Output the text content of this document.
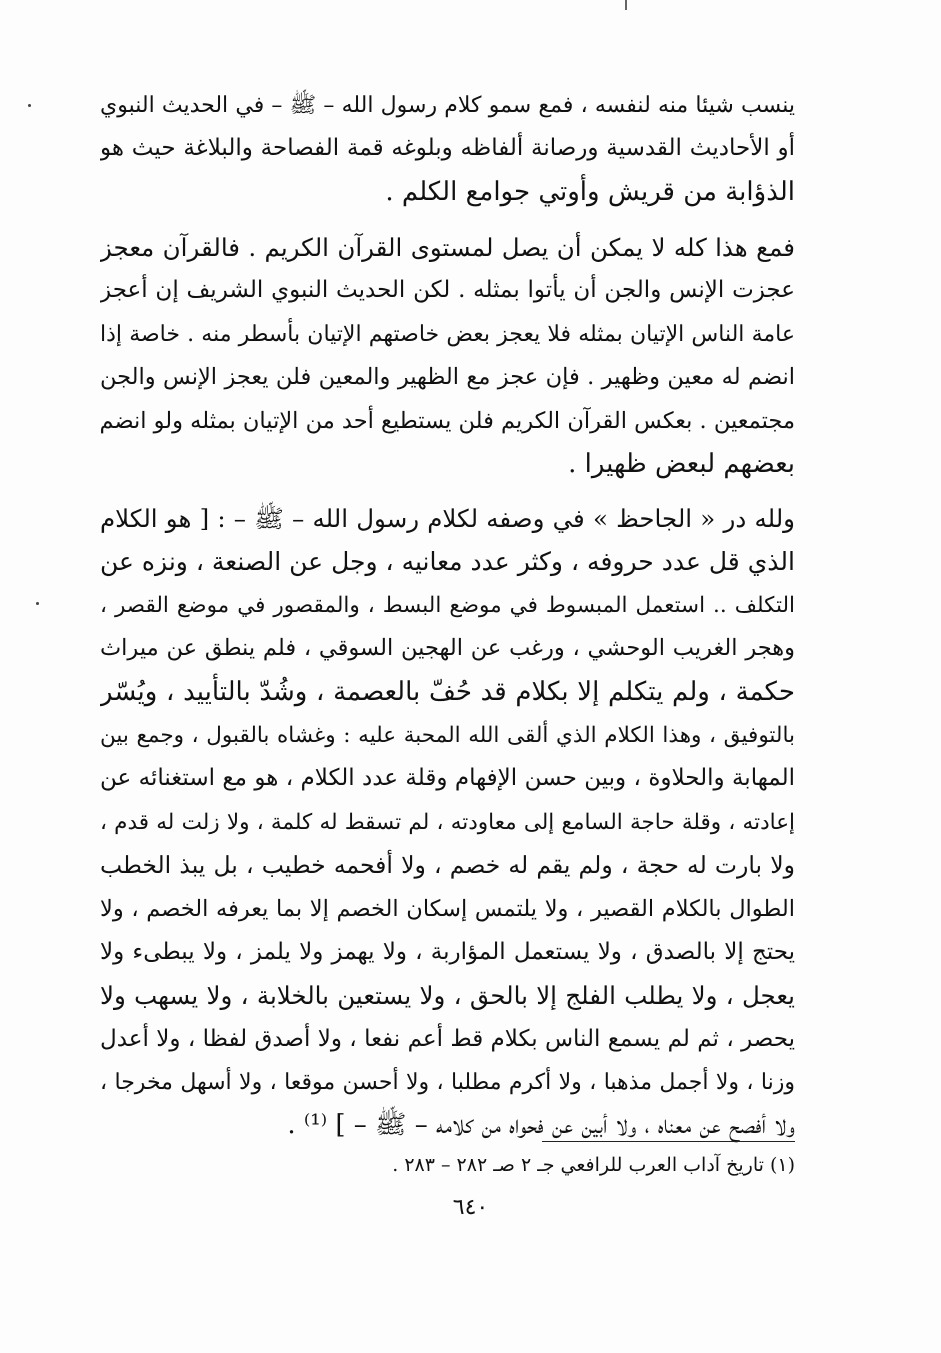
ينسب شيئا منه لنفسه ، فمع سمو كلام رسول الله – ﷺ – في الحديث النبوي
أو الأحاديث القدسية ورصانة ألفاظه وبلوغه قمة الفصاحة والبلاغة حيث هو
الذؤابة من قريش وأوتي جوامع الكلم .
فمع هذا كله لا يمكن أن يصل لمستوى القرآن الكريم . فالقرآن معجز
عجزت الإنس والجن أن يأتوا بمثله . لكن الحديث النبوي الشريف إن أعجز
عامة الناس الإتيان بمثله فلا يعجز بعض خاصتهم الإتيان بأسطر منه . خاصة إذا
انضم له معين وظهير . فإن عجز مع الظهير والمعين فلن يعجز الإنس والجن
مجتمعين . بعكس القرآن الكريم فلن يستطيع أحد من الإتيان بمثله ولو انضم
بعضهم لبعض ظهيرا .
ولله در « الجاحظ » في وصفه لكلام رسول الله – ﷺ – : [ هو الكلام
الذي قل عدد حروفه ، وكثر عدد معانيه ، وجل عن الصنعة ، ونزه عن
التكلف .. استعمل المبسوط في موضع البسط ، والمقصور في موضع القصر ،
وهجر الغريب الوحشي ، ورغب عن الهجين السوقي ، فلم ينطق عن ميراث
حكمة ، ولم يتكلم إلا بكلام قد حُفّ بالعصمة ، وشُدّ بالتأييد ، ويُسّر
بالتوفيق ، وهذا الكلام الذي ألقى الله المحبة عليه : وغشاه بالقبول ، وجمع بين
المهابة والحلاوة ، وبين حسن الإفهام وقلة عدد الكلام ، هو مع استغنائه عن
إعادته ، وقلة حاجة السامع إلى معاودته ، لم تسقط له كلمة ، ولا زلت له قدم ،
ولا بارت له حجة ، ولم يقم له خصم ، ولا أفحمه خطيب ، بل يبذ الخطب
الطوال بالكلام القصير ، ولا يلتمس إسكان الخصم إلا بما يعرفه الخصم ، ولا
يحتج إلا بالصدق ، ولا يستعمل المؤاربة ، ولا يهمز ولا يلمز ، ولا يبطىء ولا
يعجل ، ولا يطلب الفلج إلا بالحق ، ولا يستعين بالخلابة ، ولا يسهب ولا
يحصر ، ثم لم يسمع الناس بكلام قط أعم نفعا ، ولا أصدق لفظا ، ولا أعدل
وزنا ، ولا أجمل مذهبا ، ولا أكرم مطلبا ، ولا أحسن موقعا ، ولا أسهل مخرجا ،
ولا أفصح عن معناه ، ولا أبين عن فحواه من كلامه – ﷺ – ] ⁽¹⁾ .
(١) تاريخ آداب العرب للرافعي جـ ٢ صـ ٢٨٢ – ٢٨٣ .
٦٤٠
